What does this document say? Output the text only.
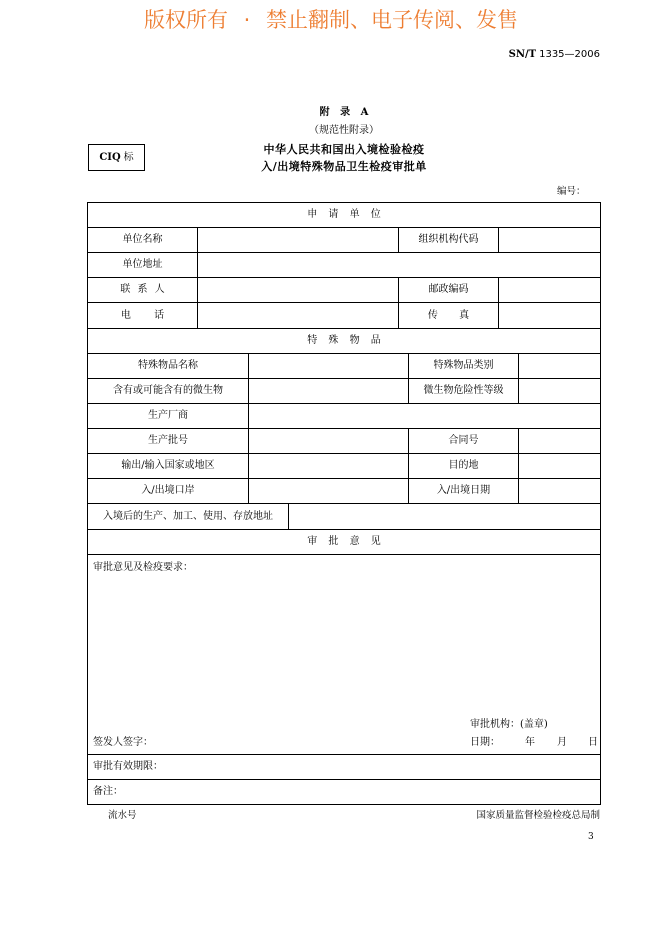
版权所有 · 禁止翻制、电子传阅、发售
SN/T 1335—2006
附 录 A
（规范性附录）
中华人民共和国出入境检验检疫
入/出境特殊物品卫生检疫审批单
CIQ 标
编号：
申 请 单 位
单位名称	组织机构代码
单位地址
联 系 人	邮政编码
电 话	传 真
特 殊 物 品
特殊物品名称	特殊物品类别
含有或可能含有的微生物	微生物危险性等级
生产厂商
生产批号	合同号
输出/输入国家或地区	目的地
入/出境口岸	入/出境日期
入境后的生产、加工、使用、存放地址
审 批 意 见
审批意见及检疫要求：
审批机构：(盖章)
签发人签字：	日期：	年 月 日
审批有效期限：
备注：
流水号	国家质量监督检验检疫总局制
3
